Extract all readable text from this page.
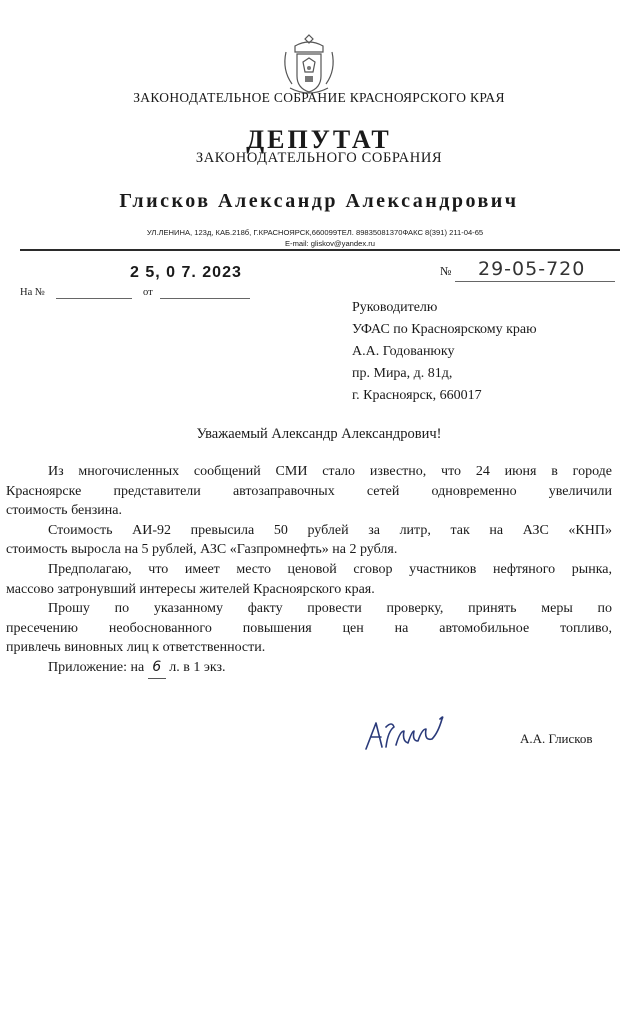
ЗАКОНОДАТЕЛЬНОЕ СОБРАНИЕ КРАСНОЯРСКОГО КРАЯ
ДЕПУТАТ
ЗАКОНОДАТЕЛЬНОГО СОБРАНИЯ
Глисков Александр Александрович
УЛ.ЛЕНИНА, 123д, КАБ.218б, Г.КРАСНОЯРСК,660099ТЕЛ. 89835081370ФАКС 8(391) 211-04-65
E-mail: gliskov@yandex.ru
2 5, 0 7. 2023
На №	от
№ 29-05-720
Руководителю
УФАС по Красноярскому краю
А.А. Годованюку
пр. Мира, д. 81д,
г. Красноярск, 660017
Уважаемый Александр Александрович!
Из многочисленных сообщений СМИ стало известно, что 24 июня в городе
Красноярске представители автозаправочных сетей одновременно увеличили
стоимость бензина.
Стоимость АИ-92 превысила 50 рублей за литр, так на АЗС «КНП»
стоимость выросла на 5 рублей, АЗС «Газпромнефть» на 2 рубля.
Предполагаю, что имеет место ценовой сговор участников нефтяного рынка,
массово затронувший интересы жителей Красноярского края.
Прошу по указанному факту провести проверку, принять меры по
пресечению необоснованного повышения цен на автомобильное топливо,
привлечь виновных лиц к ответственности.
Приложение: на 6 л. в 1 экз.
А.А. Глисков
